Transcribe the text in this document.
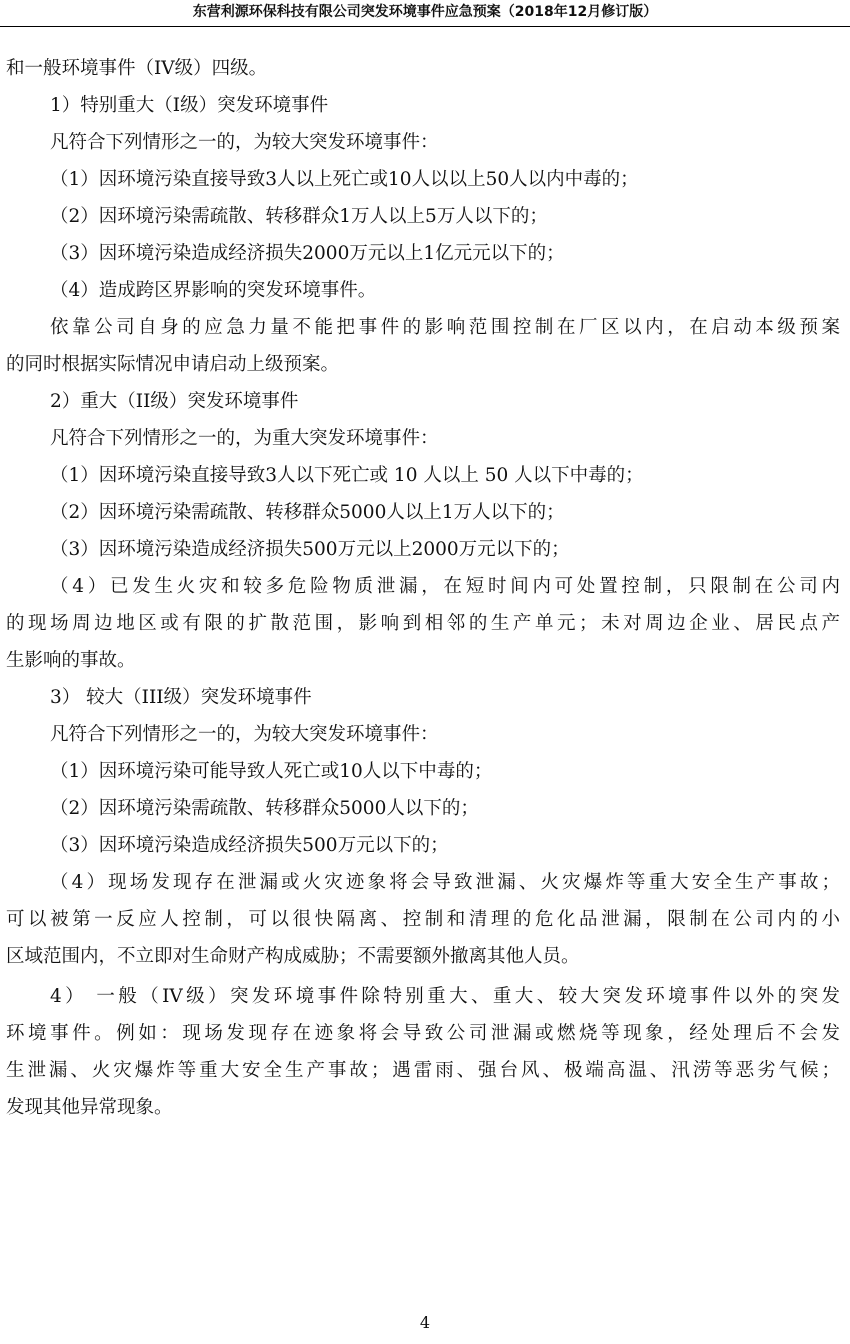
东营利源环保科技有限公司突发环境事件应急预案（2018年12月修订版）
和一般环境事件（IV级）四级。
1）特别重大（I级）突发环境事件
凡符合下列情形之一的，为较大突发环境事件：
（1）因环境污染直接导致3人以上死亡或10人以以上50人以内中毒的；
（2）因环境污染需疏散、转移群众1万人以上5万人以下的；
（3）因环境污染造成经济损失2000万元以上1亿元元以下的；
（4）造成跨区界影响的突发环境事件。
依靠公司自身的应急力量不能把事件的影响范围控制在厂区以内，在启动本级预案
的同时根据实际情况申请启动上级预案。
2）重大（II级）突发环境事件
凡符合下列情形之一的，为重大突发环境事件：
（1）因环境污染直接导致3人以下死亡或 10 人以上 50 人以下中毒的；
（2）因环境污染需疏散、转移群众5000人以上1万人以下的；
（3）因环境污染造成经济损失500万元以上2000万元以下的；
（4）已发生火灾和较多危险物质泄漏，在短时间内可处置控制，只限制在公司内
的现场周边地区或有限的扩散范围，影响到相邻的生产单元；未对周边企业、居民点产
生影响的事故。
3） 较大（III级）突发环境事件
凡符合下列情形之一的，为较大突发环境事件：
（1）因环境污染可能导致人死亡或10人以下中毒的；
（2）因环境污染需疏散、转移群众5000人以下的；
（3）因环境污染造成经济损失500万元以下的；
（4）现场发现存在泄漏或火灾迹象将会导致泄漏、火灾爆炸等重大安全生产事故；
可以被第一反应人控制，可以很快隔离、控制和清理的危化品泄漏，限制在公司内的小
区域范围内，不立即对生命财产构成威胁；不需要额外撤离其他人员。
4） 一般（IV级）突发环境事件除特别重大、重大、较大突发环境事件以外的突发
环境事件。例如：现场发现存在迹象将会导致公司泄漏或燃烧等现象，经处理后不会发
生泄漏、火灾爆炸等重大安全生产事故；遇雷雨、强台风、极端高温、汛涝等恶劣气候；
发现其他异常现象。
4
